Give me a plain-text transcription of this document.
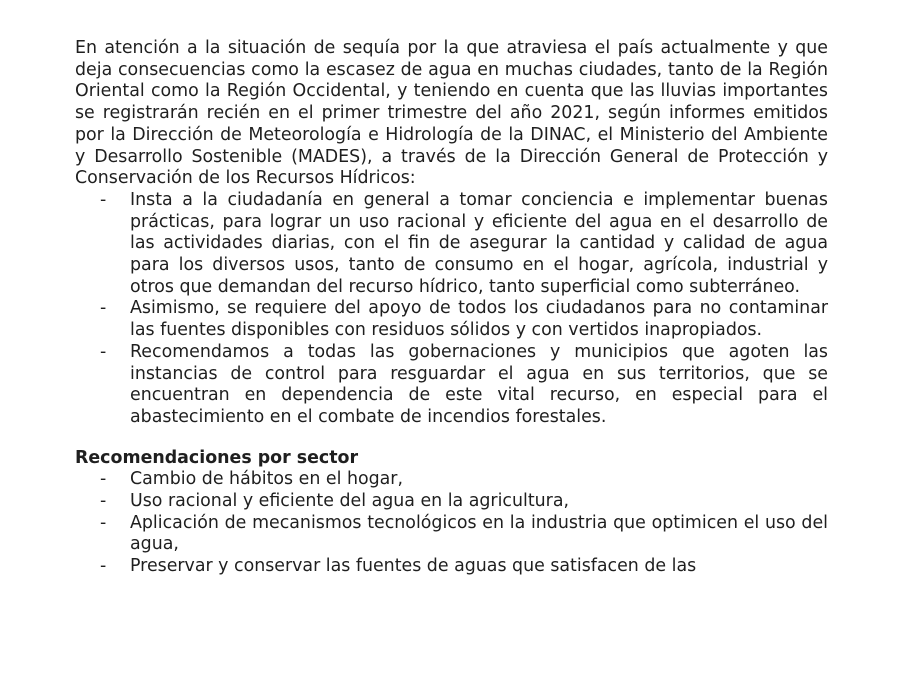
En atención a la situación de sequía por la que atraviesa el país actualmente y que deja consecuencias como la escasez de agua en muchas ciudades, tanto de la Región Oriental como la Región Occidental, y teniendo en cuenta que las lluvias importantes se registrarán recién en el primer trimestre del año 2021, según informes emitidos por la Dirección de Meteorología e Hidrología de la DINAC, el Ministerio del Ambiente y Desarrollo Sostenible (MADES), a través de la Dirección General de Protección y Conservación de los Recursos Hídricos:

- Insta a la ciudadanía en general a tomar conciencia e implementar buenas prácticas, para lograr un uso racional y eficiente del agua en el desarrollo de las actividades diarias, con el fin de asegurar la cantidad y calidad de agua para los diversos usos, tanto de consumo en el hogar, agrícola, industrial y otros que demandan del recurso hídrico, tanto superficial como subterráneo.
- Asimismo, se requiere del apoyo de todos los ciudadanos para no contaminar las fuentes disponibles con residuos sólidos y con vertidos inapropiados.
- Recomendamos a todas las gobernaciones y municipios que agoten las instancias de control para resguardar el agua en sus territorios, que se encuentran en dependencia de este vital recurso, en especial para el abastecimiento en el combate de incendios forestales.
Recomendaciones por sector
- Cambio de hábitos en el hogar,
- Uso racional y eficiente del agua en la agricultura,
- Aplicación de mecanismos tecnológicos en la industria que optimicen el uso del agua,
- Preservar y conservar las fuentes de aguas que satisfacen de las
